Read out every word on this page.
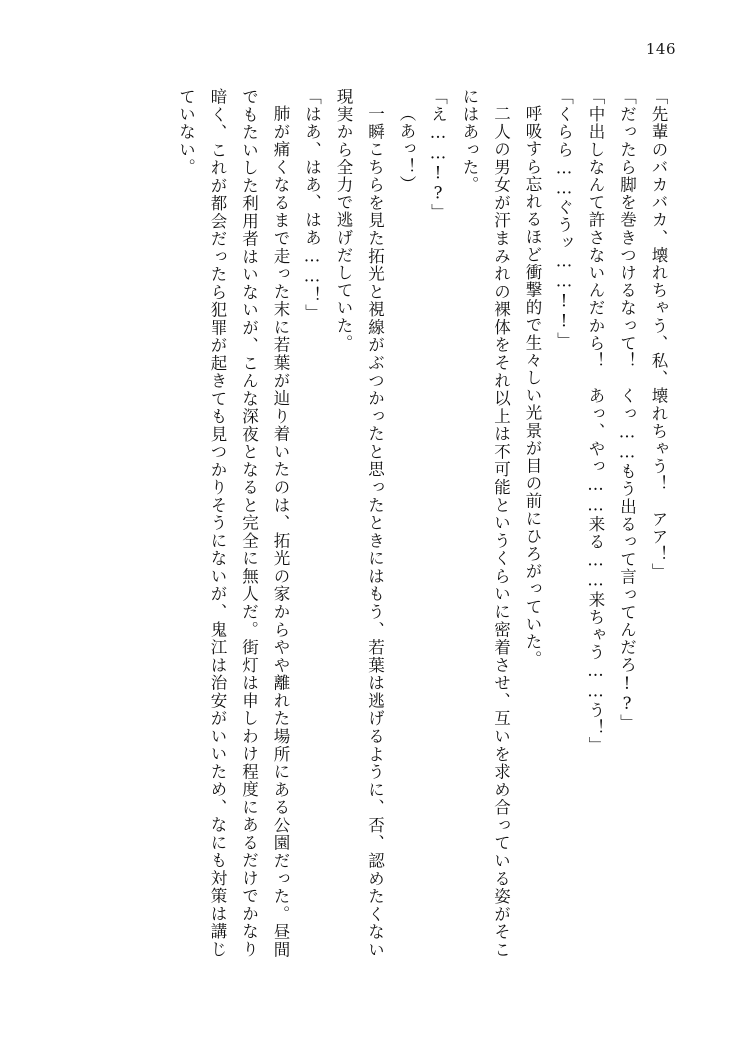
146

「先輩のバカバカ、壊れちゃう、私、壊れちゃう！　アア！」

「だったら脚を巻きつけるなって！　くっ……もう出るって言ってんだろ!?」

「中出しなんて許さないんだから！　あっ、やっ……来る……来ちゃう……う！」

「くらら……ぐうッ……!!」

呼吸すら忘れるほど衝撃的で生々しい光景が目の前にひろがっていた。

二人の男女が汗まみれの裸体をそれ以上は不可能というくらいに密着させ、互いを求め合っている姿がそこにはあった。

「え……!?」

（あっ！）

一瞬こちらを見た拓光と視線がぶつかったと思ったときにはもう、若葉は逃げるように、否、認めたくない現実から全力で逃げだしていた。

「はあ、はあ、はあ……！」

肺が痛くなるまで走った末に若葉が辿り着いたのは、拓光の家からやや離れた場所にある公園だった。昼間でもたいした利用者はいないが、こんな深夜となると完全に無人だ。街灯は申しわけ程度にあるだけでかなり暗く、これが都会だったら犯罪が起きても見つかりそうにないが、鬼江は治安がいいため、なにも対策は講じていない。
